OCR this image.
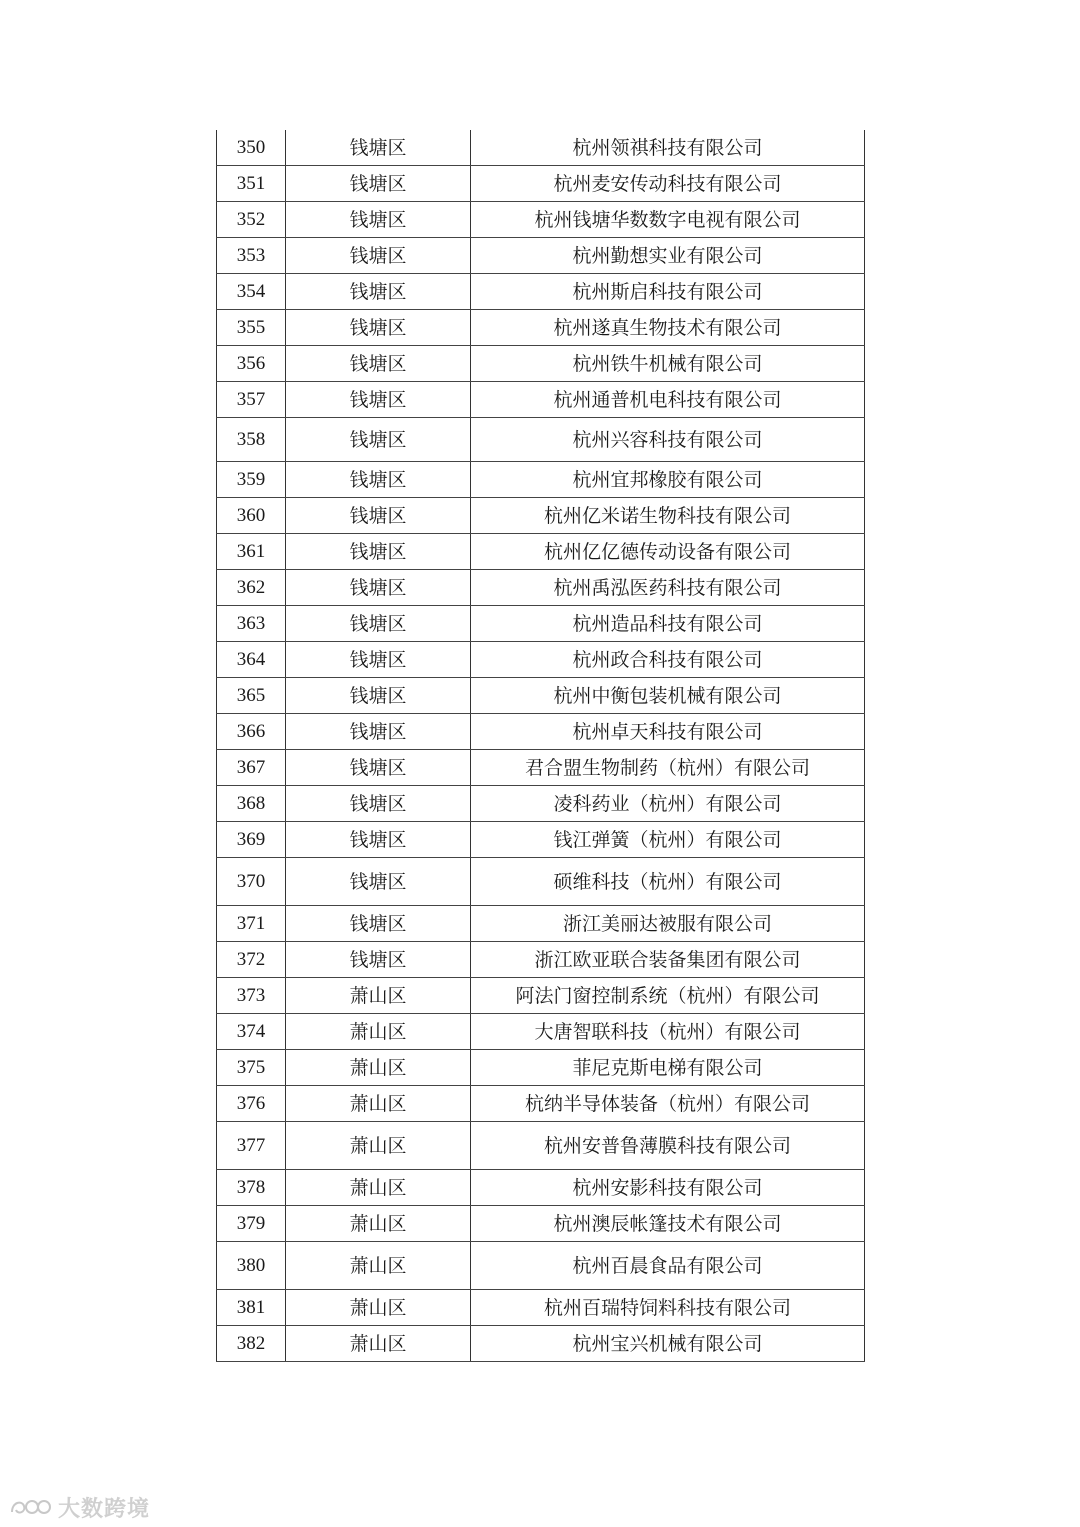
350	钱塘区	杭州领祺科技有限公司
351	钱塘区	杭州麦安传动科技有限公司
352	钱塘区	杭州钱塘华数数字电视有限公司
353	钱塘区	杭州勤想实业有限公司
354	钱塘区	杭州斯启科技有限公司
355	钱塘区	杭州遂真生物技术有限公司
356	钱塘区	杭州铁牛机械有限公司
357	钱塘区	杭州通普机电科技有限公司
358	钱塘区	杭州兴容科技有限公司
359	钱塘区	杭州宜邦橡胶有限公司
360	钱塘区	杭州亿米诺生物科技有限公司
361	钱塘区	杭州亿亿德传动设备有限公司
362	钱塘区	杭州禹泓医药科技有限公司
363	钱塘区	杭州造品科技有限公司
364	钱塘区	杭州政合科技有限公司
365	钱塘区	杭州中衡包装机械有限公司
366	钱塘区	杭州卓天科技有限公司
367	钱塘区	君合盟生物制药（杭州）有限公司
368	钱塘区	凌科药业（杭州）有限公司
369	钱塘区	钱江弹簧（杭州）有限公司
370	钱塘区	硕维科技（杭州）有限公司
371	钱塘区	浙江美丽达被服有限公司
372	钱塘区	浙江欧亚联合装备集团有限公司
373	萧山区	阿法门窗控制系统（杭州）有限公司
374	萧山区	大唐智联科技（杭州）有限公司
375	萧山区	菲尼克斯电梯有限公司
376	萧山区	杭纳半导体装备（杭州）有限公司
377	萧山区	杭州安普鲁薄膜科技有限公司
378	萧山区	杭州安影科技有限公司
379	萧山区	杭州澳辰帐篷技术有限公司
380	萧山区	杭州百晨食品有限公司
381	萧山区	杭州百瑞特饲料科技有限公司
382	萧山区	杭州宝兴机械有限公司
大数跨境
